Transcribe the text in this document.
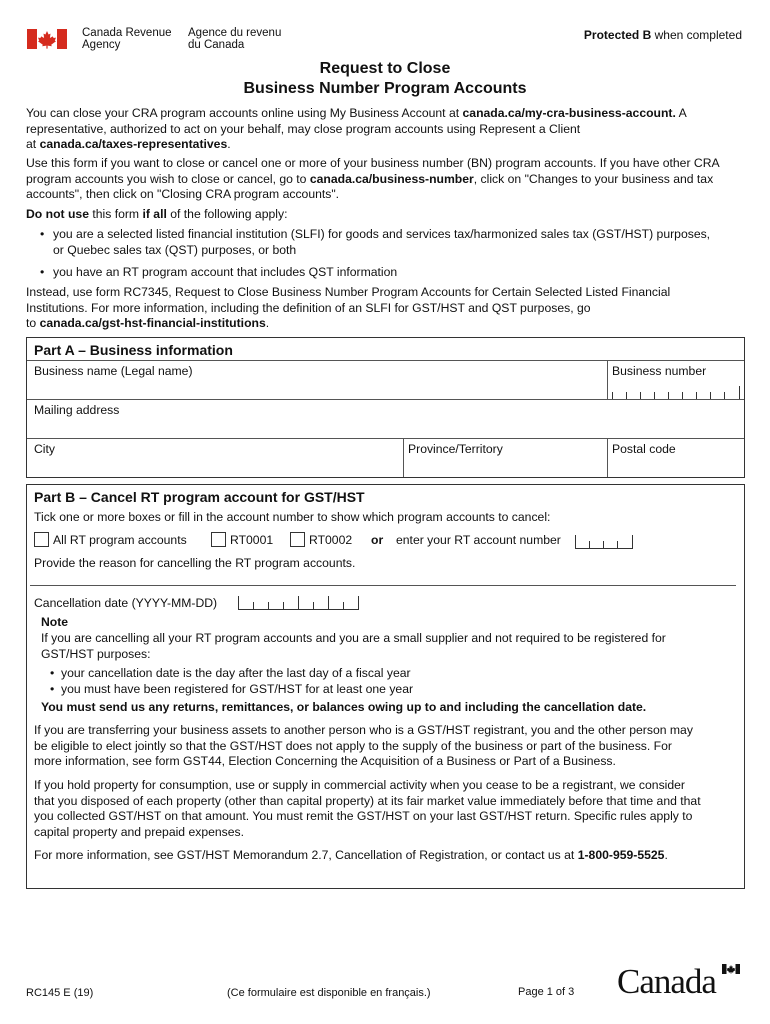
Canada Revenue
Agency
Agence du revenu
du Canada
Protected B when completed
Request to Close
Business Number Program Accounts
You can close your CRA program accounts online using My Business Account at canada.ca/my-cra-business-account. A
representative, authorized to act on your behalf, may close program accounts using Represent a Client
at canada.ca/taxes-representatives.
Use this form if you want to close or cancel one or more of your business number (BN) program accounts. If you have other CRA
program accounts you wish to close or cancel, go to canada.ca/business-number, click on "Changes to your business and tax
accounts", then click on "Closing CRA program accounts".
Do not use this form if all of the following apply:
• you are a selected listed financial institution (SLFI) for goods and services tax/harmonized sales tax (GST/HST) purposes,
or Quebec sales tax (QST) purposes, or both
• you have an RT program account that includes QST information
Instead, use form RC7345, Request to Close Business Number Program Accounts for Certain Selected Listed Financial
Institutions. For more information, including the definition of an SLFI for GST/HST and QST purposes, go
to canada.ca/gst-hst-financial-institutions.
Part A – Business information
Business name (Legal name)	Business number
Mailing address
City	Province/Territory	Postal code
Part B – Cancel RT program account for GST/HST
Tick one or more boxes or fill in the account number to show which program accounts to cancel:
All RT program accounts	RT0001	RT0002 or enter your RT account number
Provide the reason for cancelling the RT program accounts.
Cancellation date (YYYY-MM-DD)
Note
If you are cancelling all your RT program accounts and you are a small supplier and not required to be registered for
GST/HST purposes:
• your cancellation date is the day after the last day of a fiscal year
• you must have been registered for GST/HST for at least one year
You must send us any returns, remittances, or balances owing up to and including the cancellation date.
If you are transferring your business assets to another person who is a GST/HST registrant, you and the other person may
be eligible to elect jointly so that the GST/HST does not apply to the supply of the business or part of the business. For
more information, see form GST44, Election Concerning the Acquisition of a Business or Part of a Business.
If you hold property for consumption, use or supply in commercial activity when you cease to be a registrant, we consider
that you disposed of each property (other than capital property) at its fair market value immediately before that time and that
you collected GST/HST on that amount. You must remit the GST/HST on your last GST/HST return. Specific rules apply to
capital property and prepaid expenses.
For more information, see GST/HST Memorandum 2.7, Cancellation of Registration, or contact us at 1-800-959-5525.
RC145 E (19)	(Ce formulaire est disponible en français.)	Page 1 of 3 Canada
